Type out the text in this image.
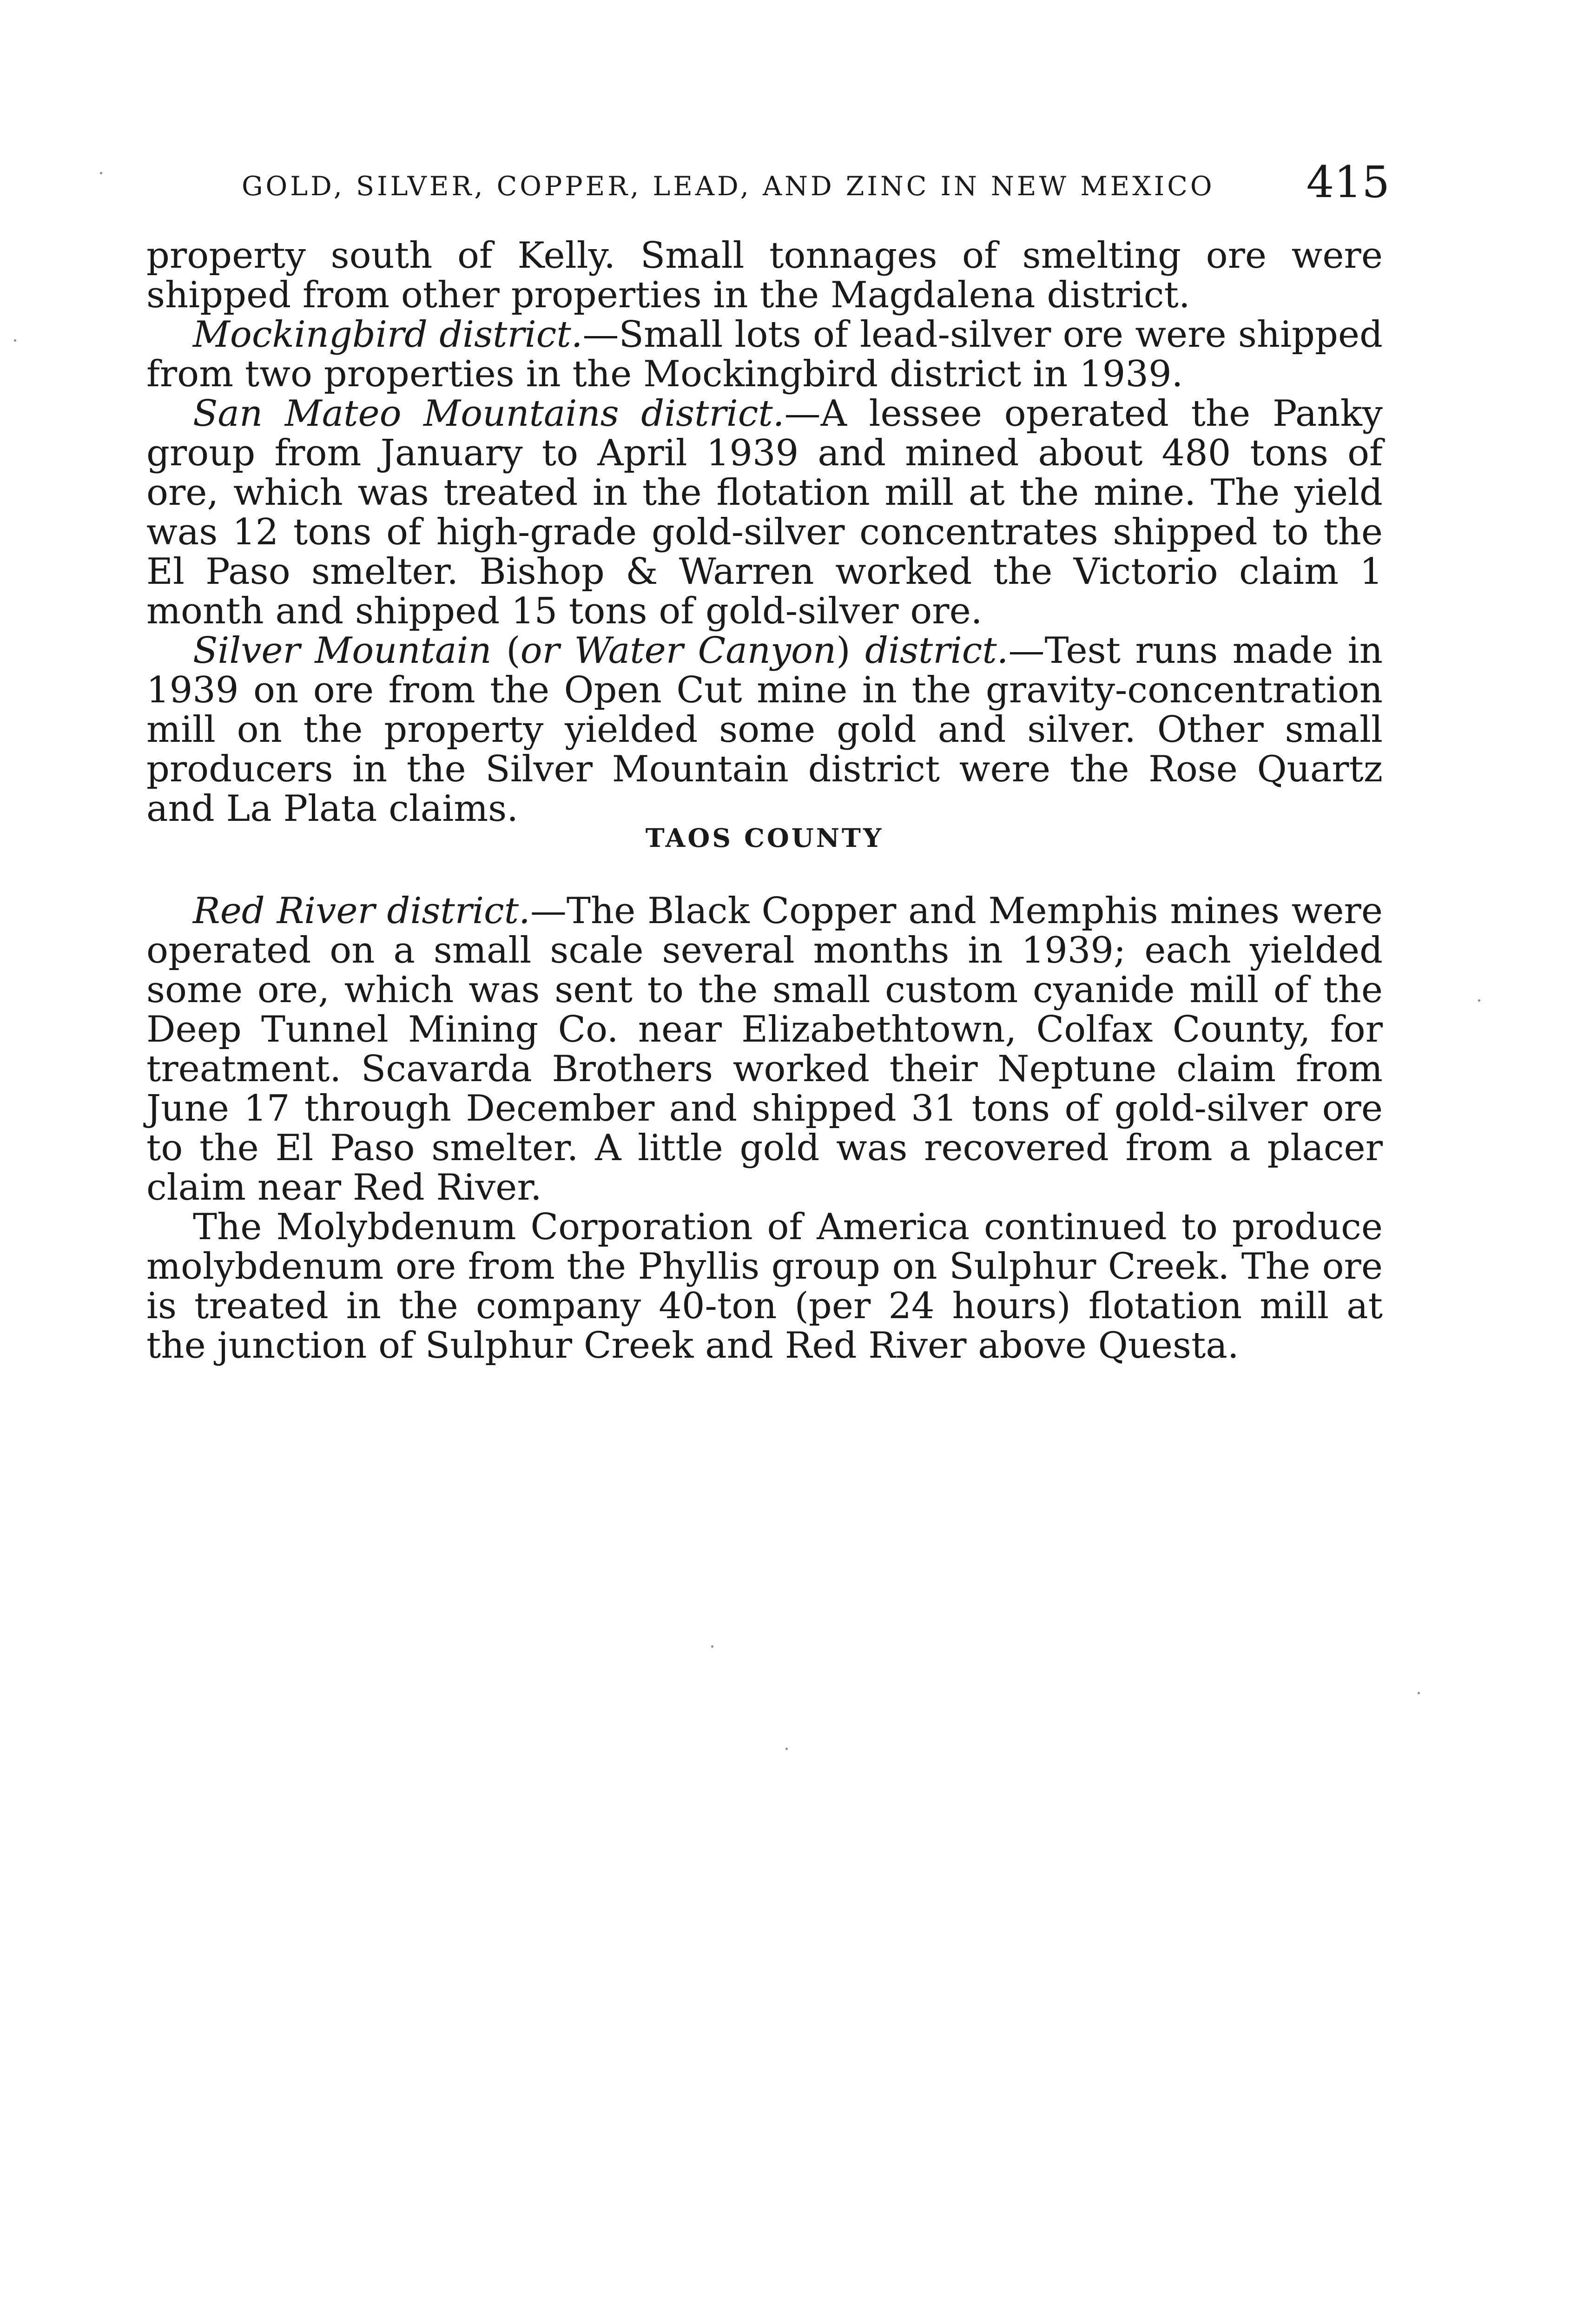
GOLD, SILVER, COPPER, LEAD, AND ZINC IN NEW MEXICO 415

property south of Kelly. Small tonnages of smelting ore were shipped from other properties in the Magdalena district.

Mockingbird district.—Small lots of lead-silver ore were shipped from two properties in the Mockingbird district in 1939.

San Mateo Mountains district.—A lessee operated the Panky group from January to April 1939 and mined about 480 tons of ore, which was treated in the flotation mill at the mine. The yield was 12 tons of high-grade gold-silver concentrates shipped to the El Paso smelter. Bishop & Warren worked the Victorio claim 1 month and shipped 15 tons of gold-silver ore.

Silver Mountain (or Water Canyon) district.—Test runs made in 1939 on ore from the Open Cut mine in the gravity-concentration mill on the property yielded some gold and silver. Other small producers in the Silver Mountain district were the Rose Quartz and La Plata claims.

TAOS COUNTY

Red River district.—The Black Copper and Memphis mines were operated on a small scale several months in 1939; each yielded some ore, which was sent to the small custom cyanide mill of the Deep Tunnel Mining Co. near Elizabethtown, Colfax County, for treatment. Scavarda Brothers worked their Neptune claim from June 17 through December and shipped 31 tons of gold-silver ore to the El Paso smelter. A little gold was recovered from a placer claim near Red River.

The Molybdenum Corporation of America continued to produce molybdenum ore from the Phyllis group on Sulphur Creek. The ore is treated in the company 40-ton (per 24 hours) flotation mill at the junction of Sulphur Creek and Red River above Questa.
